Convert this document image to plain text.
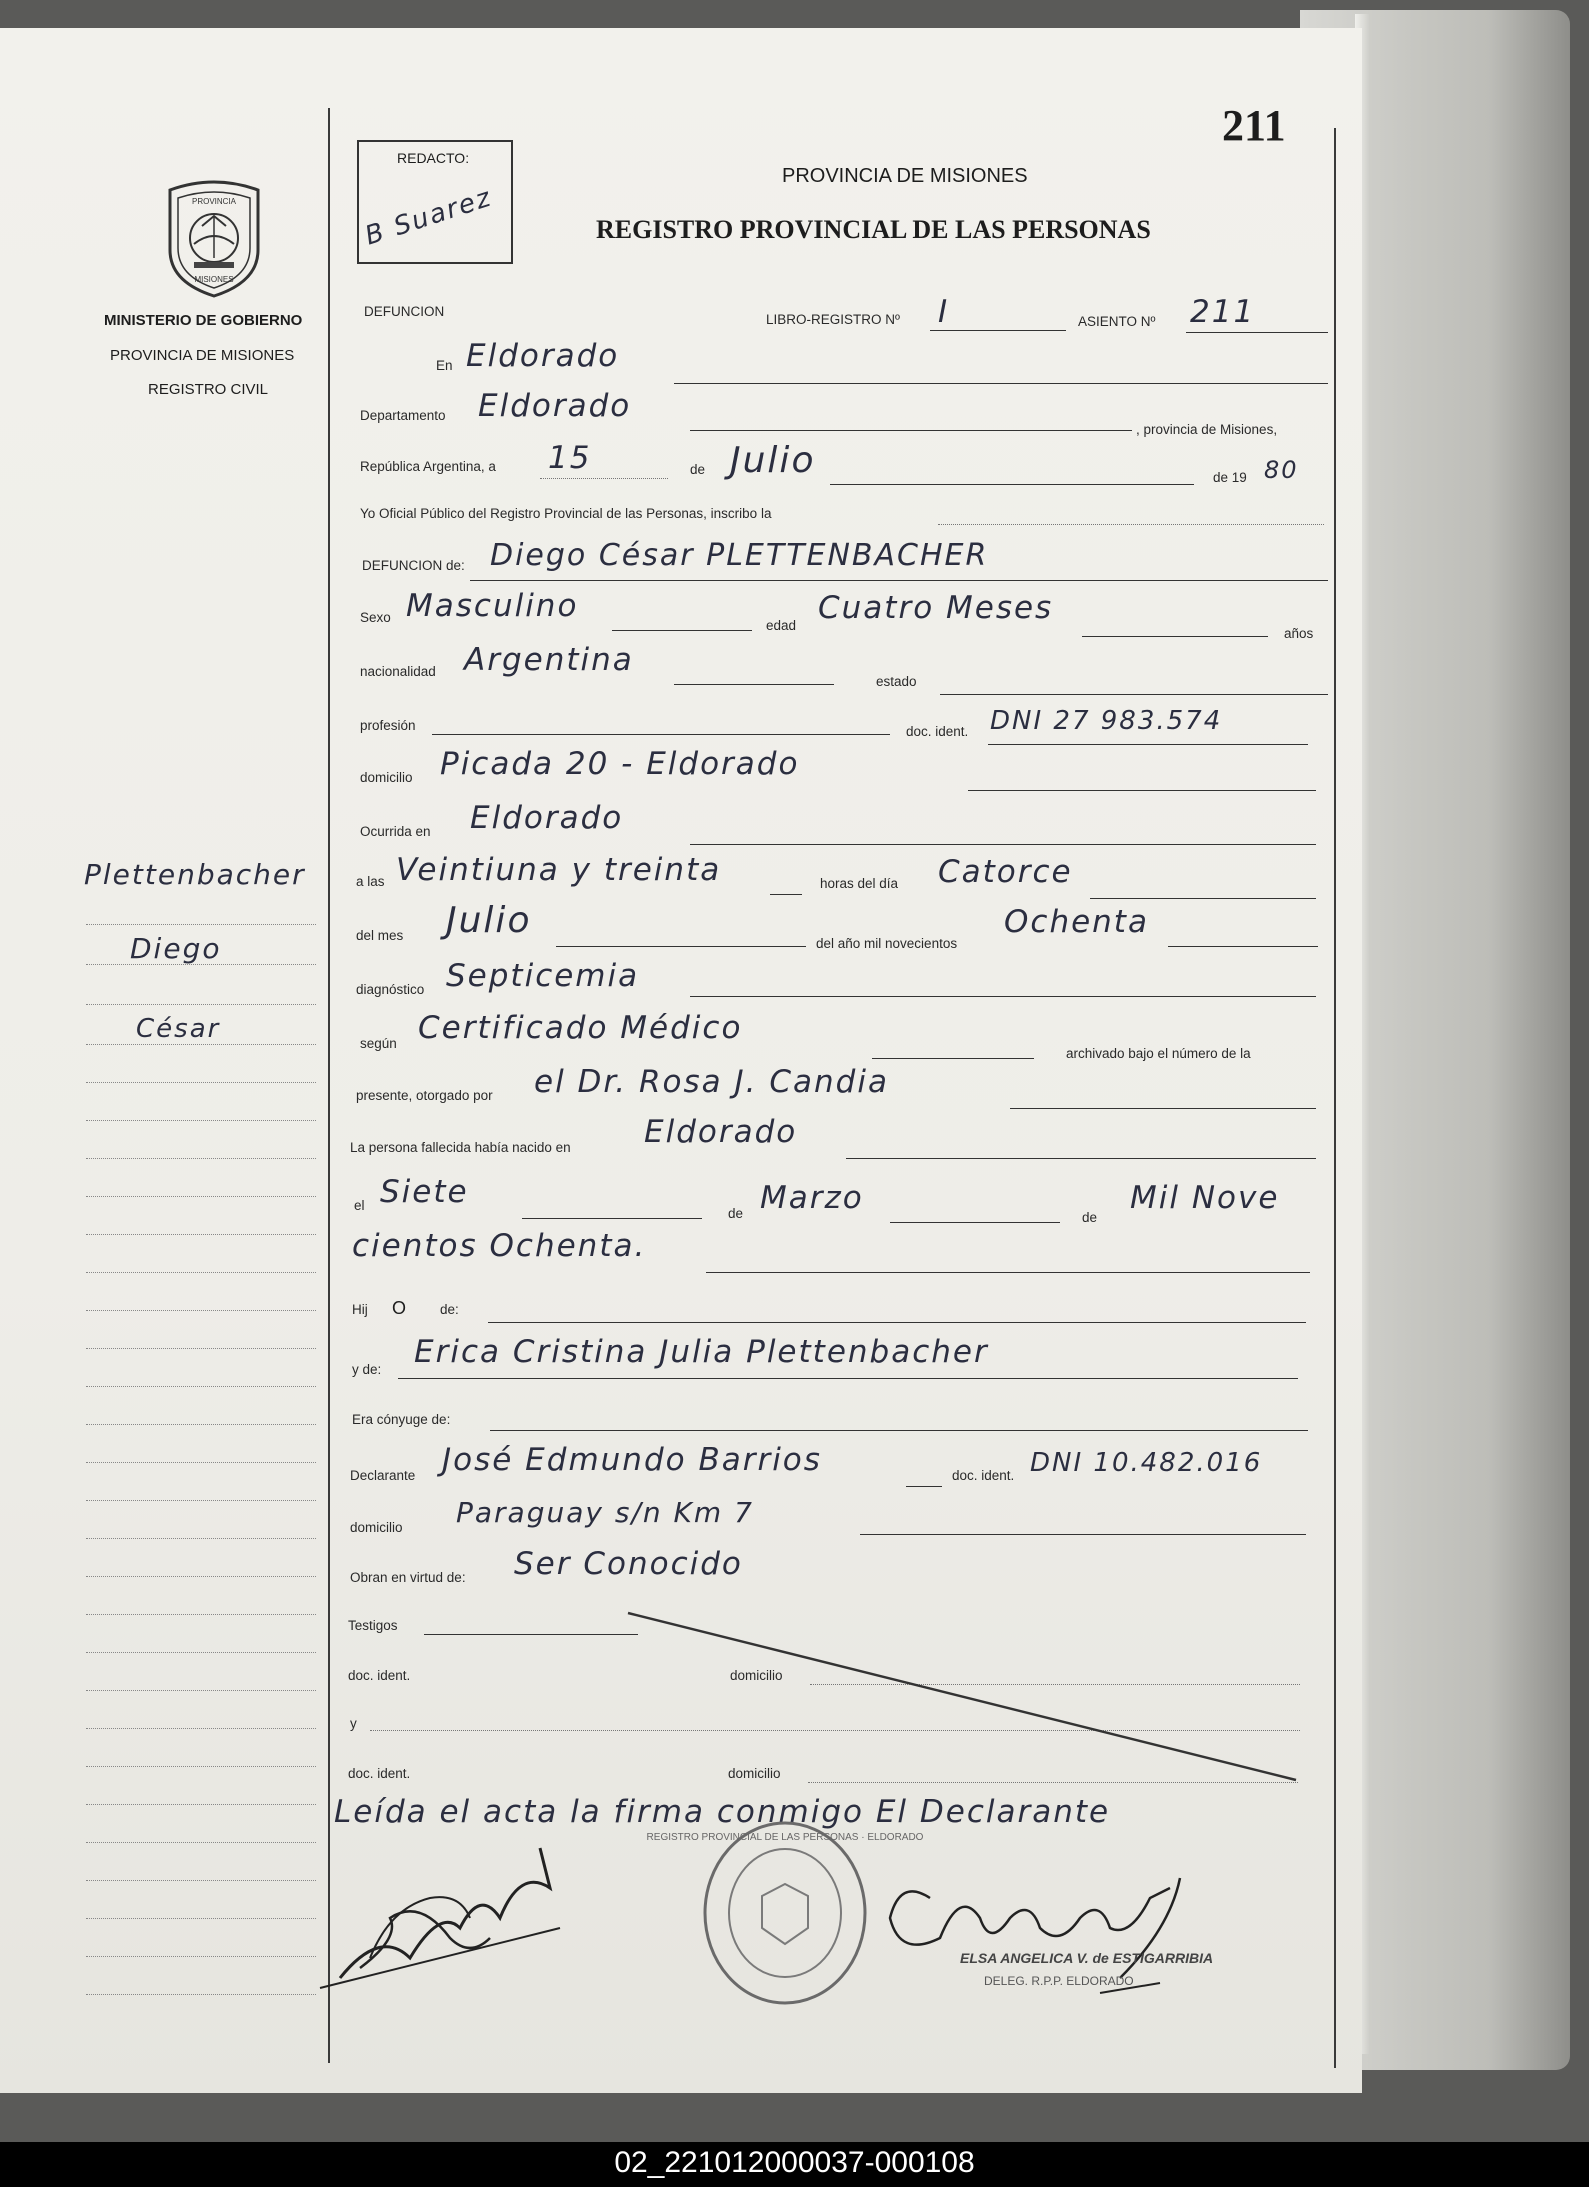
211
PROVINCIA
MISIONES
MINISTERIO DE GOBIERNO
PROVINCIA DE MISIONES
REGISTRO CIVIL
REDACTO:
B Suarez
PROVINCIA DE MISIONES
REGISTRO PROVINCIAL DE LAS PERSONAS
DEFUNCION
LIBRO-REGISTRO Nº I	ASIENTO Nº 211
En Eldorado
Departamento Eldorado
, provincia de Misiones,
República Argentina, a 15	de Julio	de 19 80
Yo Oficial Público del Registro Provincial de las Personas, inscribo la
DEFUNCION de: Diego César PLETTENBACHER
Sexo Masculino
edad Cuatro Meses
años
nacionalidad Argentina
estado
profesión	doc. ident. DNI 27 983.574
domicilio Picada 20 - Eldorado
Ocurrida en Eldorado
a las Veintiuna y treinta	horas del día Catorce
del mes Julio
del año mil novecientos
Ochenta
diagnóstico Septicemia
según Certificado Médico
archivado bajo el número de la
presente, otorgado por el Dr. Rosa J. Candia
La persona fallecida había nacido en Eldorado
el Siete
de Marzo
de
Mil Nove
cientos Ochenta.
Hij O	de:
y de: Erica Cristina Julia Plettenbacher
Era cónyuge de:
Declarante José Edmundo Barrios	doc. ident. DNI 10.482.016
domicilio Paraguay s/n Km 7
Obran en virtud de: Ser Conocido
Testigos
doc. ident.	domicilio
y
doc. ident.	domicilio
Leída el acta la firma conmigo El Declarante
Plettenbacher
Diego
César
REGISTRO PROVINCIAL DE LAS PERSONAS · ELDORADO
ELSA ANGELICA V. de ESTIGARRIBIA
DELEG. R.P.P. ELDORADO
02_221012000037-000108
